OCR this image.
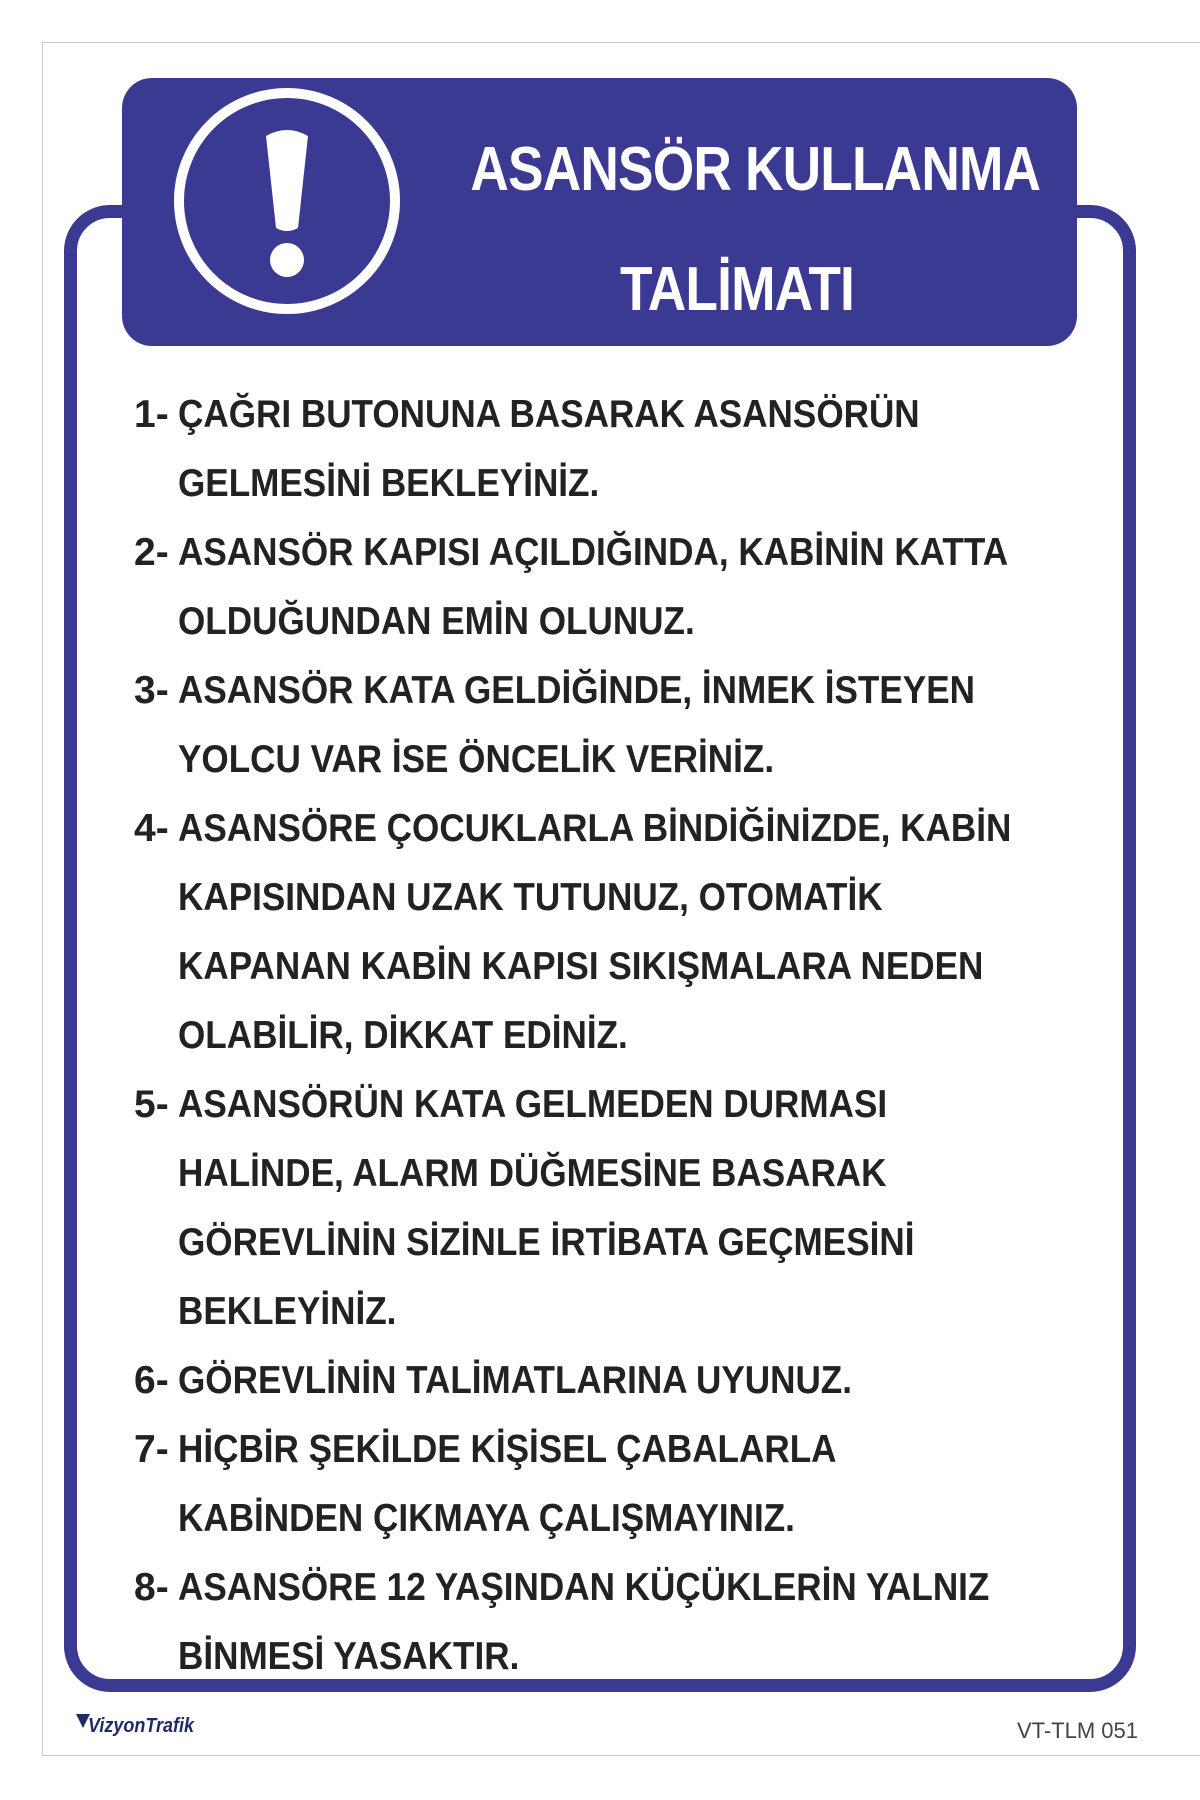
ASANSÖR KULLANMA
TALİMATI
1- ÇAĞRI BUTONUNA BASARAK ASANSÖRÜN GELMESİNİ BEKLEYİNİZ.
2- ASANSÖR KAPISI AÇILDIĞINDA, KABİNİN KATTA OLDUĞUNDAN EMİN OLUNUZ.
3- ASANSÖR KATA GELDİĞİNDE, İNMEK İSTEYEN YOLCU VAR İSE ÖNCELİK VERİNİZ.
4- ASANSÖRE ÇOCUKLARLA BİNDİĞİNİZDE, KABİN KAPISINDAN UZAK TUTUNUZ, OTOMATİK KAPANAN KABİN KAPISI SIKIŞMALARA NEDEN OLABİLİR, DİKKAT EDİNİZ.
5- ASANSÖRÜN KATA GELMEDEN DURMASI HALİNDE, ALARM DÜĞMESİNE BASARAK GÖREVLİNİN SİZİNLE İRTİBATA GEÇMESİNİ BEKLEYİNİZ.
6- GÖREVLİNİN TALİMATLARINA UYUNUZ.
7- HİÇBİR ŞEKİLDE KİŞİSEL ÇABALARLA KABİNDEN ÇIKMAYA ÇALIŞMAYINIZ.
8- ASANSÖRE 12 YAŞINDAN KÜÇÜKLERİN YALNIZ BİNMESİ YASAKTIR.
VizyonTrafik	VT-TLM 051
